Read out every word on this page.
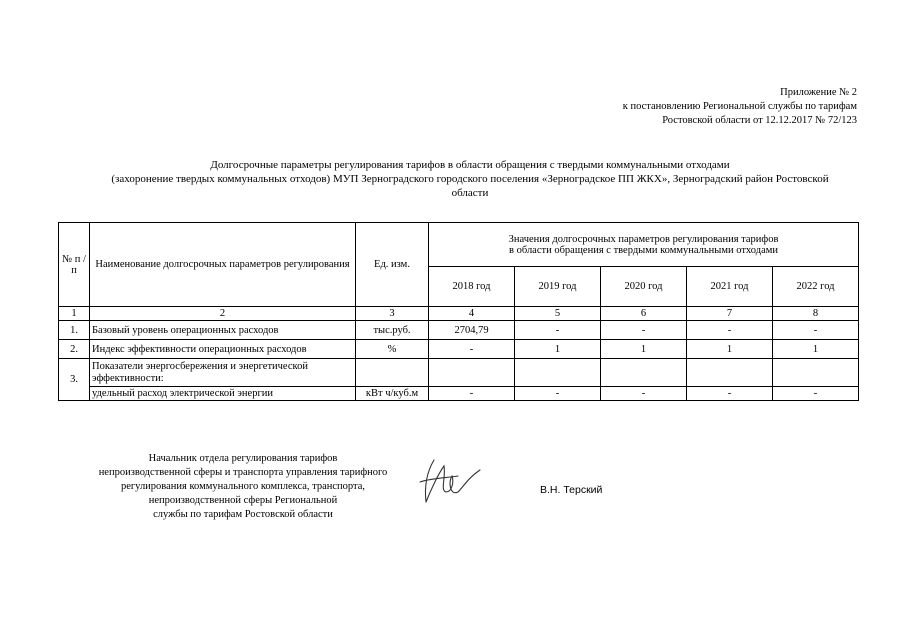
Приложение № 2
к постановлению Региональной службы по тарифам
Ростовской области от 12.12.2017 № 72/123
Долгосрочные параметры регулирования тарифов в области обращения с твердыми коммунальными отходами
(захоронение твердых коммунальных отходов) МУП Зерноградского городского поселения «Зерноградское ПП ЖКХ», Зерноградский район Ростовской
области
№ п /п	Наименование долгосрочных параметров регулирования	Ед. изм.	Значения долгосрочных параметров регулирования тарифов
в области обращения с твердыми коммунальными отходами				

			2018 год	2019 год	2020 год	2021 год	2022 год
1	2	3	4	5	6	7	8
1.	Базовый уровень операционных расходов	тыс.руб.	2704,79	-	-	-	-
2.	Индекс эффективности операционных расходов	%	-	1	1	1	1
3.	Показатели энергосбережения и энергетической эффективности:						
	удельный расход электрической энергии	кВт ч/куб.м	-	-	-	-	-
Начальник отдела регулирования тарифов
непроизводственной сферы и транспорта управления тарифного
регулирования коммунального комплекса, транспорта,
непроизводственной сферы Региональной
службы по тарифам Ростовской области
В.Н. Терский
